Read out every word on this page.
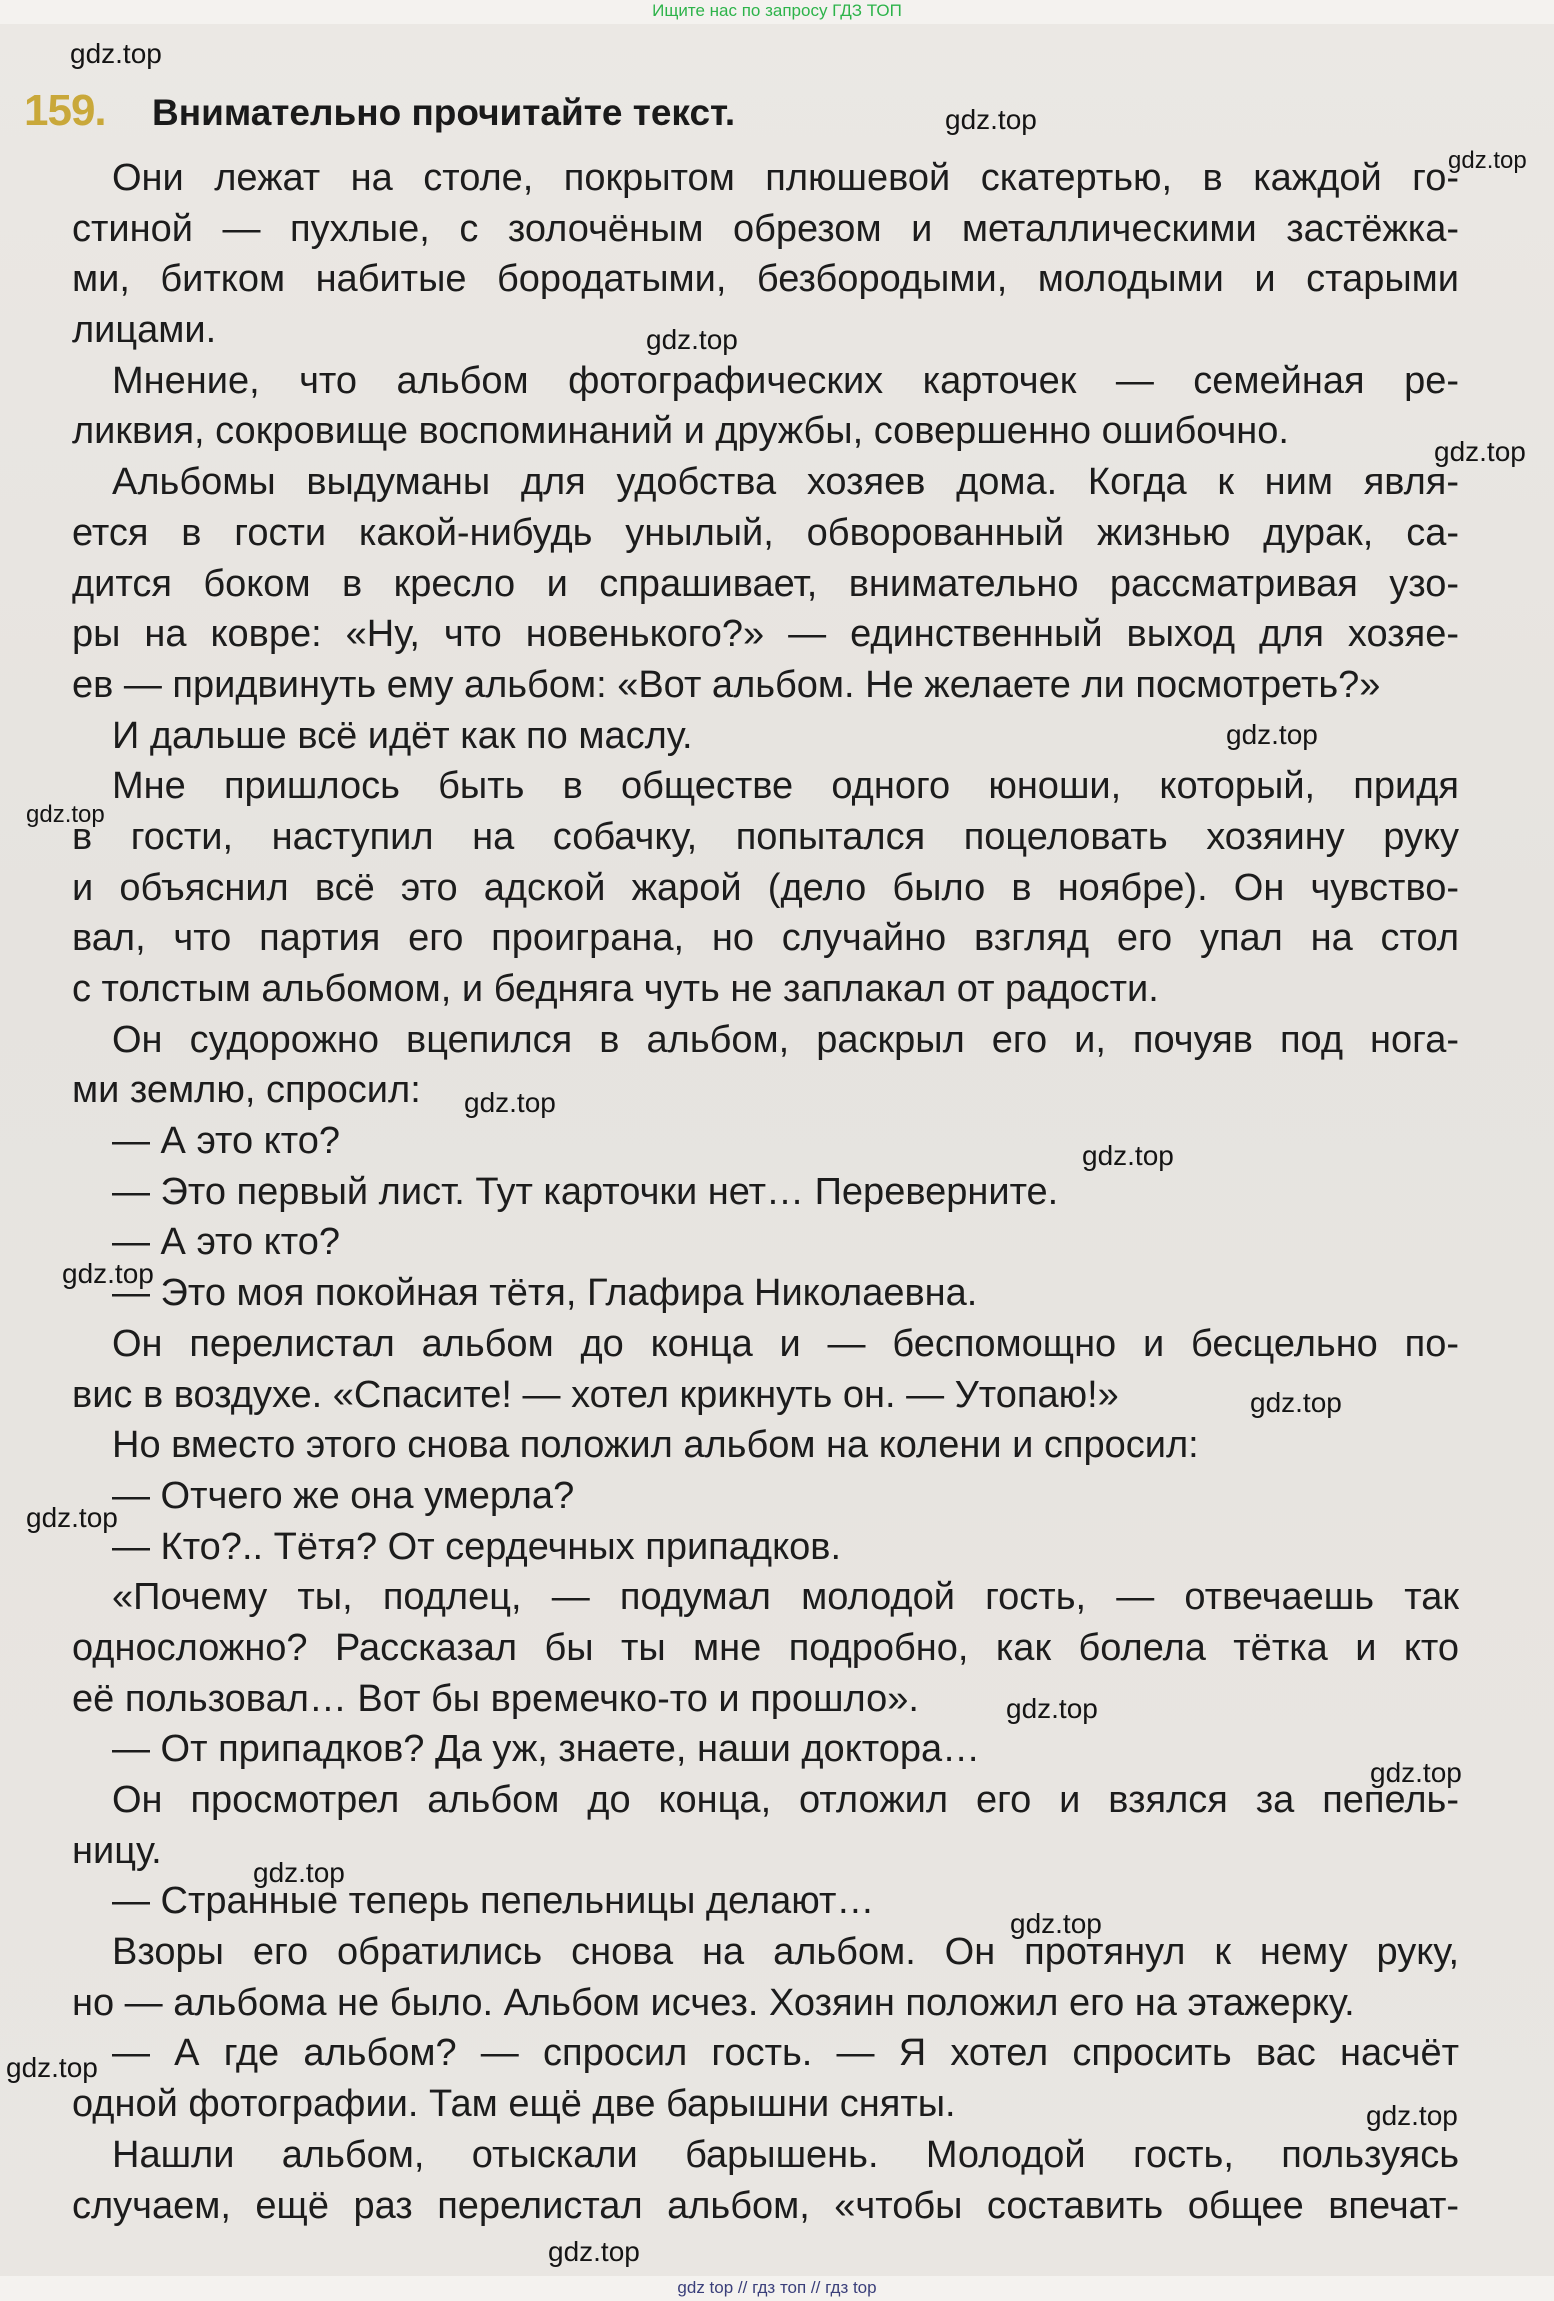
Ищите нас по запросу ГДЗ ТОП
159. Внимательно прочитайте текст.
Они лежат на столе, покрытом плюшевой скатертью, в каждой го-
стиной — пухлые, с золочёным обрезом и металлическими застёжка-
ми, битком набитые бородатыми, безбородыми, молодыми и старыми
лицами.
Мнение, что альбом фотографических карточек — семейная ре-
ликвия, сокровище воспоминаний и дружбы, совершенно ошибочно.
Альбомы выдуманы для удобства хозяев дома. Когда к ним явля-
ется в гости какой-нибудь унылый, обворованный жизнью дурак, са-
дится боком в кресло и спрашивает, внимательно рассматривая узо-
ры на ковре: «Ну, что новенького?» — единственный выход для хозяе-
ев — придвинуть ему альбом: «Вот альбом. Не желаете ли посмотреть?»
И дальше всё идёт как по маслу.
Мне пришлось быть в обществе одного юноши, который, придя
в гости, наступил на собачку, попытался поцеловать хозяину руку
и объяснил всё это адской жарой (дело было в ноябре). Он чувство-
вал, что партия его проиграна, но случайно взгляд его упал на стол
с толстым альбомом, и бедняга чуть не заплакал от радости.
Он судорожно вцепился в альбом, раскрыл его и, почуяв под нога-
ми землю, спросил:
— А это кто?
— Это первый лист. Тут карточки нет… Переверните.
— А это кто?
— Это моя покойная тётя, Глафира Николаевна.
Он перелистал альбом до конца и — беспомощно и бесцельно по-
вис в воздухе. «Спасите! — хотел крикнуть он. — Утопаю!»
Но вместо этого снова положил альбом на колени и спросил:
— Отчего же она умерла?
— Кто?.. Тётя? От сердечных припадков.
«Почему ты, подлец, — подумал молодой гость, — отвечаешь так
односложно? Рассказал бы ты мне подробно, как болела тётка и кто
её пользовал… Вот бы времечко-то и прошло».
— От припадков? Да уж, знаете, наши доктора…
Он просмотрел альбом до конца, отложил его и взялся за пепель-
ницу.
— Странные теперь пепельницы делают…
Взоры его обратились снова на альбом. Он протянул к нему руку,
но — альбома не было. Альбом исчез. Хозяин положил его на этажерку.
— А где альбом? — спросил гость. — Я хотел спросить вас насчёт
одной фотографии. Там ещё две барышни сняты.
Нашли альбом, отыскали барышень. Молодой гость, пользуясь
случаем, ещё раз перелистал альбом, «чтобы составить общее впечат-
gdz.top
gdz.top
gdz.top
gdz.top
gdz.top
gdz.top
gdz.top
gdz.top
gdz.top
gdz.top
gdz.top
gdz.top
gdz.top
gdz.top
gdz.top
gdz.top
gdz.top
gdz.top
gdz.top
gdz top // гдз топ // гдз top
